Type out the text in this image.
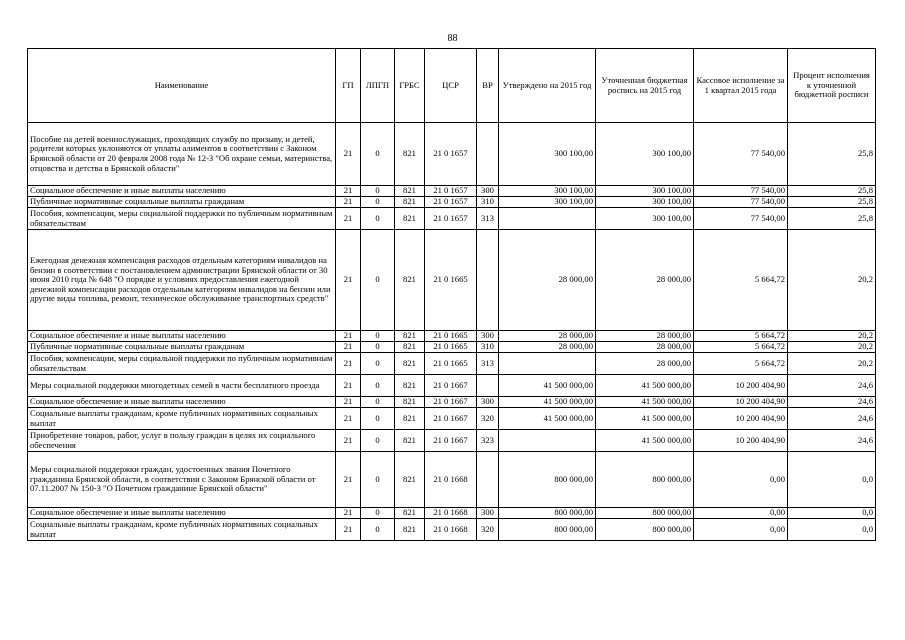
88
Наименование	ГП	ЛПГП	ГРБС	ЦСР	ВР	Утверждено на 2015 год	Уточненная бюджетная роспись на 2015 год	Кассовое исполнение за 1 квартал 2015 года	Процент исполнения к уточненной бюджетной росписи
Пособие на детей военнослужащих, проходящих службу по призыву, и детей, родители которых уклоняются от уплаты алиментов в соответствии с Законом Брянской области от 20 февраля 2008 года № 12-З "Об охране семьи, материнства, отцовства и детства в Брянской области"	21	0	821	21 0 1657		300 100,00	300 100,00	77 540,00	25,8
Социальное обеспечение и иные выплаты населению	21	0	821	21 0 1657	300	300 100,00	300 100,00	77 540,00	25,8
Публичные нормативные социальные выплаты гражданам	21	0	821	21 0 1657	310	300 100,00	300 100,00	77 540,00	25,8
Пособия, компенсации, меры социальной поддержки по публичным нормативным обязательствам	21	0	821	21 0 1657	313		300 100,00	77 540,00	25,8
Ежегодная денежная компенсация расходов отдельным категориям инвалидов на бензин в соответствии с постановлением администрации Брянской области от 30 июня 2010 года № 648 "О порядке и условиях предоставления ежегодной денежной компенсации расходов отдельным категориям инвалидов на бензин или другие виды топлива, ремонт, техническое обслуживание транспортных средств"	21	0	821	21 0 1665		28 000,00	28 000,00	5 664,72	20,2
Социальное обеспечение и иные выплаты населению	21	0	821	21 0 1665	300	28 000,00	28 000,00	5 664,72	20,2
Публичные нормативные социальные выплаты гражданам	21	0	821	21 0 1665	310	28 000,00	28 000,00	5 664,72	20,2
Пособия, компенсации, меры социальной поддержки по публичным нормативным обязательствам	21	0	821	21 0 1665	313		28 000,00	5 664,72	20,2
Меры социальной поддержки многодетных семей в части бесплатного проезда	21	0	821	21 0 1667		41 500 000,00	41 500 000,00	10 200 404,90	24,6
Социальное обеспечение и иные выплаты населению	21	0	821	21 0 1667	300	41 500 000,00	41 500 000,00	10 200 404,90	24,6
Социальные выплаты гражданам, кроме публичных нормативных социальных выплат	21	0	821	21 0 1667	320	41 500 000,00	41 500 000,00	10 200 404,90	24,6
Приобретение товаров, работ, услуг в пользу граждан в целях их социального обеспечения	21	0	821	21 0 1667	323		41 500 000,00	10 200 404,90	24,6
Меры социальной поддержки граждан, удостоенных звания Почетного гражданина Брянской области, в соответствии с Законом Брянской области от 07.11.2007 № 150-З "О Почетном гражданине Брянской области"	21	0	821	21 0 1668		800 000,00	800 000,00	0,00	0,0
Социальное обеспечение и иные выплаты населению	21	0	821	21 0 1668	300	800 000,00	800 000,00	0,00	0,0
Социальные выплаты гражданам, кроме публичных нормативных социальных выплат	21	0	821	21 0 1668	320	800 000,00	800 000,00	0,00	0,0
